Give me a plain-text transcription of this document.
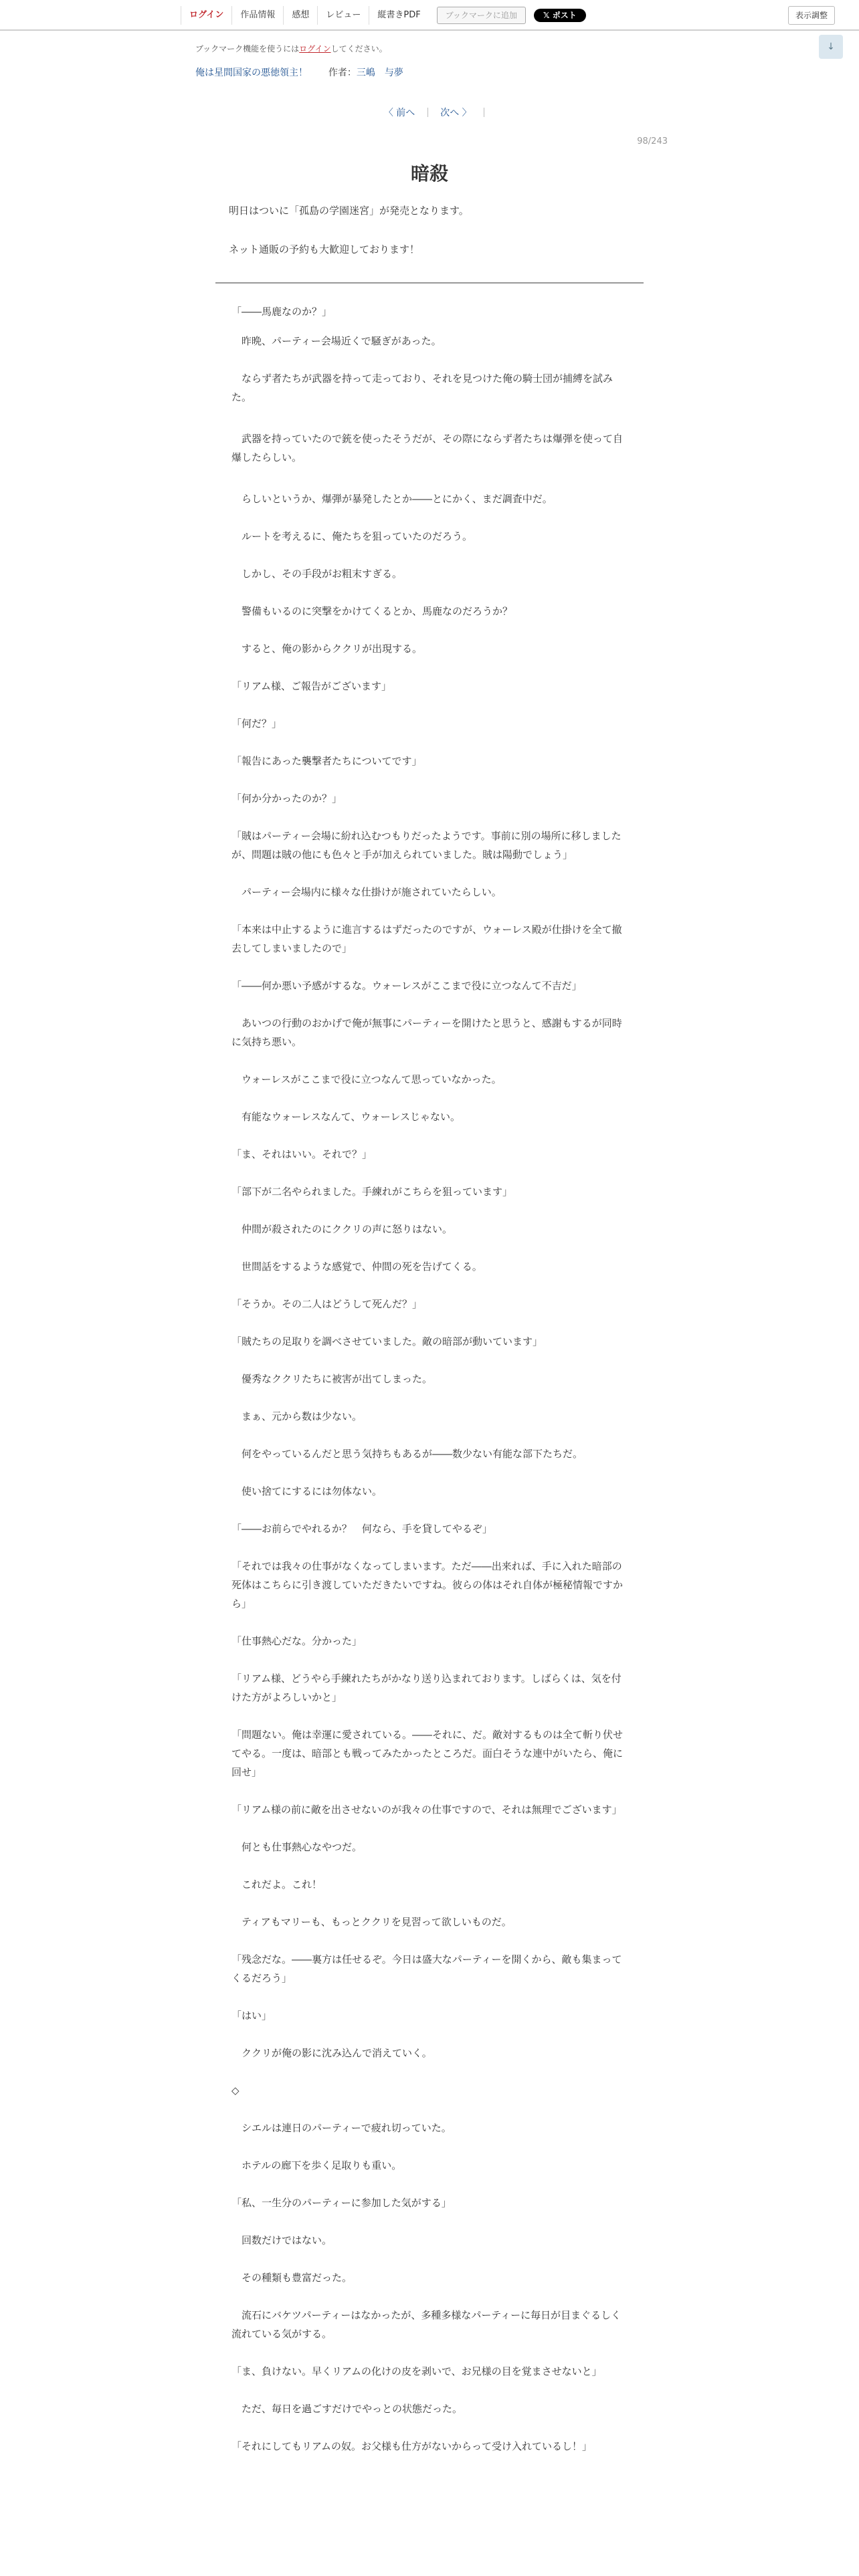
ログイン	作品情報	感想	レビュー	縦書きPDF	ブックマークに追加	𝕏 ポスト	表示調整
↓
ブックマーク機能を使うにはログインしてください。
俺は星間国家の悪徳領主！ 作者：三嶋　与夢
〈 前へ	次へ 〉
98/243
暗殺

明日はついに「孤島の学園迷宮」が発売となります。

ネット通販の予約も大歓迎しております！

「――馬鹿なのか？」

　昨晩、パーティー会場近くで騒ぎがあった。

　ならず者たちが武器を持って走っており、それを見つけた俺の騎士団が捕縛を試みた。

　武器を持っていたので銃を使ったそうだが、その際にならず者たちは爆弾を使って自爆したらしい。

　らしいというか、爆弾が暴発したとか――とにかく、まだ調査中だ。

　ルートを考えるに、俺たちを狙っていたのだろう。

　しかし、その手段がお粗末すぎる。

　警備もいるのに突撃をかけてくるとか、馬鹿なのだろうか？

　すると、俺の影からククリが出現する。

「リアム様、ご報告がございます」

「何だ？」

「報告にあった襲撃者たちについてです」

「何か分かったのか？」

「賊はパーティー会場に紛れ込むつもりだったようです。事前に別の場所に移しましたが、問題は賊の他にも色々と手が加えられていました。賊は陽動でしょう」

　パーティー会場内に様々な仕掛けが施されていたらしい。

「本来は中止するように進言するはずだったのですが、ウォーレス殿が仕掛けを全て撤去してしまいましたので」

「――何か悪い予感がするな。ウォーレスがここまで役に立つなんて不吉だ」

　あいつの行動のおかげで俺が無事にパーティーを開けたと思うと、感謝もするが同時に気持ち悪い。

　ウォーレスがここまで役に立つなんて思っていなかった。

　有能なウォーレスなんて、ウォーレスじゃない。

「ま、それはいい。それで？」

「部下が二名やられました。手練れがこちらを狙っています」

　仲間が殺されたのにククリの声に怒りはない。

　世間話をするような感覚で、仲間の死を告げてくる。

「そうか。その二人はどうして死んだ？」

「賊たちの足取りを調べさせていました。敵の暗部が動いています」

　優秀なククリたちに被害が出てしまった。

　まぁ、元から数は少ない。

　何をやっているんだと思う気持ちもあるが――数少ない有能な部下たちだ。

　使い捨てにするには勿体ない。

「――お前らでやれるか？　何なら、手を貸してやるぞ」

「それでは我々の仕事がなくなってしまいます。ただ――出来れば、手に入れた暗部の死体はこちらに引き渡していただきたいですね。彼らの体はそれ自体が極秘情報ですから」

「仕事熱心だな。分かった」

「リアム様、どうやら手練れたちがかなり送り込まれております。しばらくは、気を付けた方がよろしいかと」

「問題ない。俺は幸運に愛されている。――それに、だ。敵対するものは全て斬り伏せてやる。一度は、暗部とも戦ってみたかったところだ。面白そうな連中がいたら、俺に回せ」

「リアム様の前に敵を出させないのが我々の仕事ですので、それは無理でございます」

　何とも仕事熱心なやつだ。

　これだよ。これ！

　ティアもマリーも、もっとククリを見習って欲しいものだ。

「残念だな。――裏方は任せるぞ。今日は盛大なパーティーを開くから、敵も集まってくるだろう」

「はい」

　ククリが俺の影に沈み込んで消えていく。

◇

　シエルは連日のパーティーで疲れ切っていた。

　ホテルの廊下を歩く足取りも重い。

「私、一生分のパーティーに参加した気がする」

　回数だけではない。

　その種類も豊富だった。

　流石にバケツパーティーはなかったが、多種多様なパーティーに毎日が目まぐるしく流れている気がする。

「ま、負けない。早くリアムの化けの皮を剥いで、お兄様の目を覚まさせないと」

　ただ、毎日を過ごすだけでやっとの状態だった。

「それにしてもリアムの奴。お父様も仕方がないからって受け入れているし！」
